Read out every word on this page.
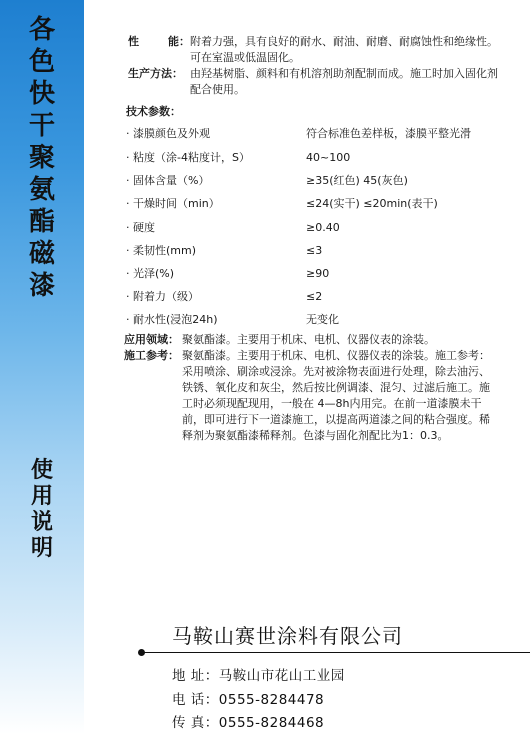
各
色
快
干
聚
氨
酯
磁
漆
使
用
说
明
性	能： 附着力强，具有良好的耐水、耐油、耐磨、耐腐蚀性和绝缘性。可在室温或低温固化。
生产方法： 由羟基树脂、颜料和有机溶剂助剂配制而成。施工时加入固化剂配合使用。
技术参数：
· 漆膜颜色及外观	符合标准色差样板，漆膜平整光滑
· 粘度（涂-4粘度计，S）	40~100
· 固体含量（%）	≥35(红色) 45(灰色)
· 干燥时间（min）	≤24(实干) ≤20min(表干)
· 硬度	≥0.40
· 柔韧性(mm)	≤3
· 光泽(%)	≥90
· 附着力（级）	≤2
· 耐水性(浸泡24h)	无变化
应用领域： 聚氨酯漆。主要用于机床、电机、仪器仪表的涂装。
施工参考： 聚氨酯漆。主要用于机床、电机、仪器仪表的涂装。施工参考：采用喷涂、刷涂或浸涂。先对被涂物表面进行处理，除去油污、铁锈、氧化皮和灰尘，然后按比例调漆、混匀、过滤后施工。施工时必须现配现用，一般在 4—8h内用完。在前一道漆膜未干前，即可进行下一道漆施工，以提高两道漆之间的粘合强度。稀释剂为聚氨酯漆稀释剂。色漆与固化剂配比为1：0.3。
马鞍山赛世涂料有限公司
地 址：马鞍山市花山工业园
电 话：0555-8284478
传 真：0555-8284468
